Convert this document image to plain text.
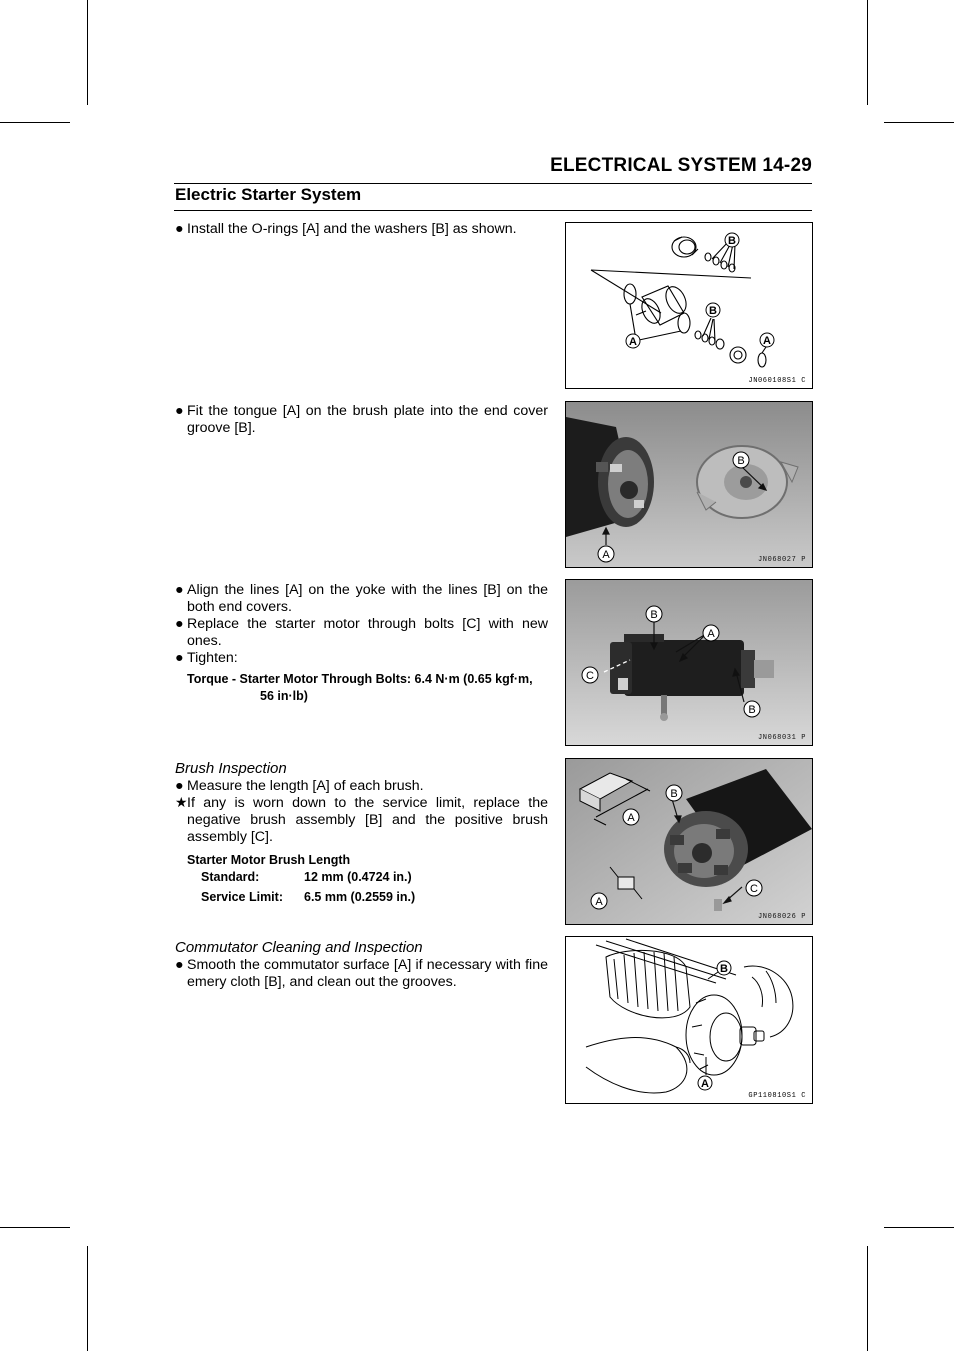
ELECTRICAL SYSTEM 14-29
Electric Starter System
● Install the O-rings [A] and the washers [B] as shown.
B
B
A	A
JN060108S1 C
● Fit the tongue [A] on the brush plate into the end cover groove [B].
B
A	JN068027 P
● Align the lines [A] on the yoke with the lines [B] on the both end covers.
● Replace the starter motor through bolts [C] with new ones.
● Tighten:
Torque - Starter Motor Through Bolts: 6.4 N·m (0.65 kgf·m,
56 in·lb)
B
A
C
B
JN068031 P
Brush Inspection
● Measure the length [A] of each brush.
★ If any is worn down to the service limit, replace the negative brush assembly [B] and the positive brush assembly [C].
Starter Motor Brush Length
Standard:	12 mm (0.4724 in.)
Service Limit:	6.5 mm (0.2559 in.)
B
A
A
C
JN068026 P
Commutator Cleaning and Inspection
● Smooth the commutator surface [A] if necessary with fine emery cloth [B], and clean out the grooves.
B
A
GP110810S1 C
